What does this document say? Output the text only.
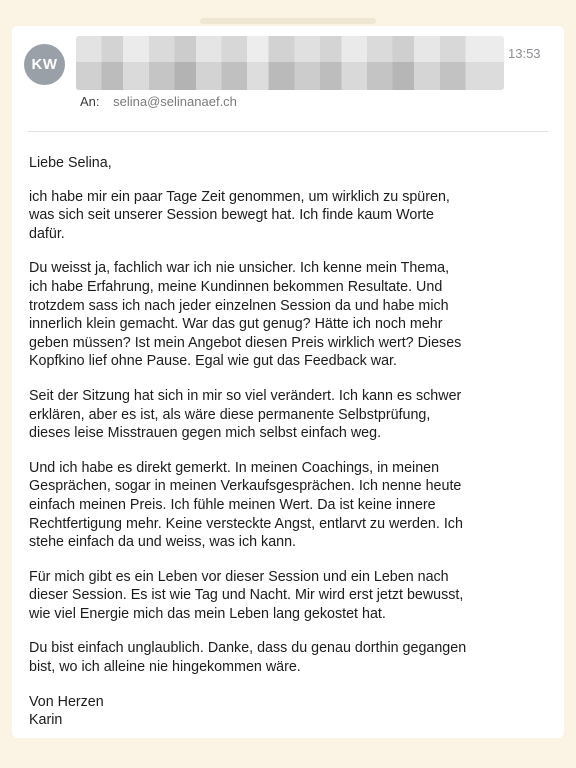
KW
13:53
An: selina@selinanaef.ch

Liebe Selina,

ich habe mir ein paar Tage Zeit genommen, um wirklich zu spüren,
was sich seit unserer Session bewegt hat. Ich finde kaum Worte
dafür.

Du weisst ja, fachlich war ich nie unsicher. Ich kenne mein Thema,
ich habe Erfahrung, meine Kundinnen bekommen Resultate. Und
trotzdem sass ich nach jeder einzelnen Session da und habe mich
innerlich klein gemacht. War das gut genug? Hätte ich noch mehr
geben müssen? Ist mein Angebot diesen Preis wirklich wert? Dieses
Kopfkino lief ohne Pause. Egal wie gut das Feedback war.

Seit der Sitzung hat sich in mir so viel verändert. Ich kann es schwer
erklären, aber es ist, als wäre diese permanente Selbstprüfung,
dieses leise Misstrauen gegen mich selbst einfach weg.

Und ich habe es direkt gemerkt. In meinen Coachings, in meinen
Gesprächen, sogar in meinen Verkaufsgesprächen. Ich nenne heute
einfach meinen Preis. Ich fühle meinen Wert. Da ist keine innere
Rechtfertigung mehr. Keine versteckte Angst, entlarvt zu werden. Ich
stehe einfach da und weiss, was ich kann.

Für mich gibt es ein Leben vor dieser Session und ein Leben nach
dieser Session. Es ist wie Tag und Nacht. Mir wird erst jetzt bewusst,
wie viel Energie mich das mein Leben lang gekostet hat.

Du bist einfach unglaublich. Danke, dass du genau dorthin gegangen
bist, wo ich alleine nie hingekommen wäre.

Von Herzen

Karin
